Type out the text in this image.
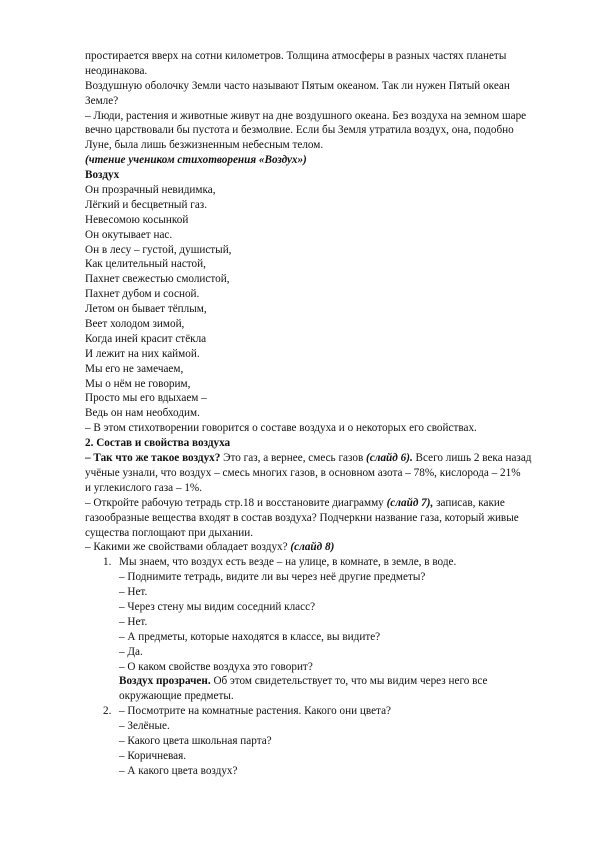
простирается вверх на сотни километров. Толщина атмосферы в разных частях планеты
неодинакова.
Воздушную оболочку Земли часто называют Пятым океаном. Так ли нужен Пятый океан
Земле?
– Люди, растения и животные живут на дне воздушного океана. Без воздуха на земном шаре
вечно царствовали бы пустота и безмолвие. Если бы Земля утратила воздух, она, подобно
Луне, была лишь безжизненным небесным телом.
(чтение учеником стихотворения «Воздух»)
Воздух
Он прозрачный невидимка,
Лёгкий и бесцветный газ.
Невесомою косынкой
Он окутывает нас.
Он в лесу – густой, душистый,
Как целительный настой,
Пахнет свежестью смолистой,
Пахнет дубом и сосной.
Летом он бывает тёплым,
Веет холодом зимой,
Когда иней красит стёкла
И лежит на них каймой.
Мы его не замечаем,
Мы о нём не говорим,
Просто мы его вдыхаем –
Ведь он нам необходим.
– В этом стихотворении говорится о составе воздуха и о некоторых его свойствах.
2. Состав и свойства воздуха
– Так что же такое воздух? Это газ, а вернее, смесь газов (слайд 6). Всего лишь 2 века назад
учёные узнали, что воздух – смесь многих газов, в основном азота – 78%, кислорода – 21%
и углекислого газа – 1%.
– Откройте рабочую тетрадь стр.18 и восстановите диаграмму (слайд 7), записав, какие
газообразные вещества входят в состав воздуха? Подчеркни название газа, который живые
существа поглощают при дыхании.
– Какими же свойствами обладает воздух? (слайд 8)
1. Мы знаем, что воздух есть везде – на улице, в комнате, в земле, в воде.
– Поднимите тетрадь, видите ли вы через неё другие предметы?
– Нет.
– Через стену мы видим соседний класс?
– Нет.
– А предметы, которые находятся в классе, вы видите?
– Да.
– О каком свойстве воздуха это говорит?
Воздух прозрачен. Об этом свидетельствует то, что мы видим через него все
окружающие предметы.
2. – Посмотрите на комнатные растения. Какого они цвета?
– Зелёные.
– Какого цвета школьная парта?
– Коричневая.
– А какого цвета воздух?
